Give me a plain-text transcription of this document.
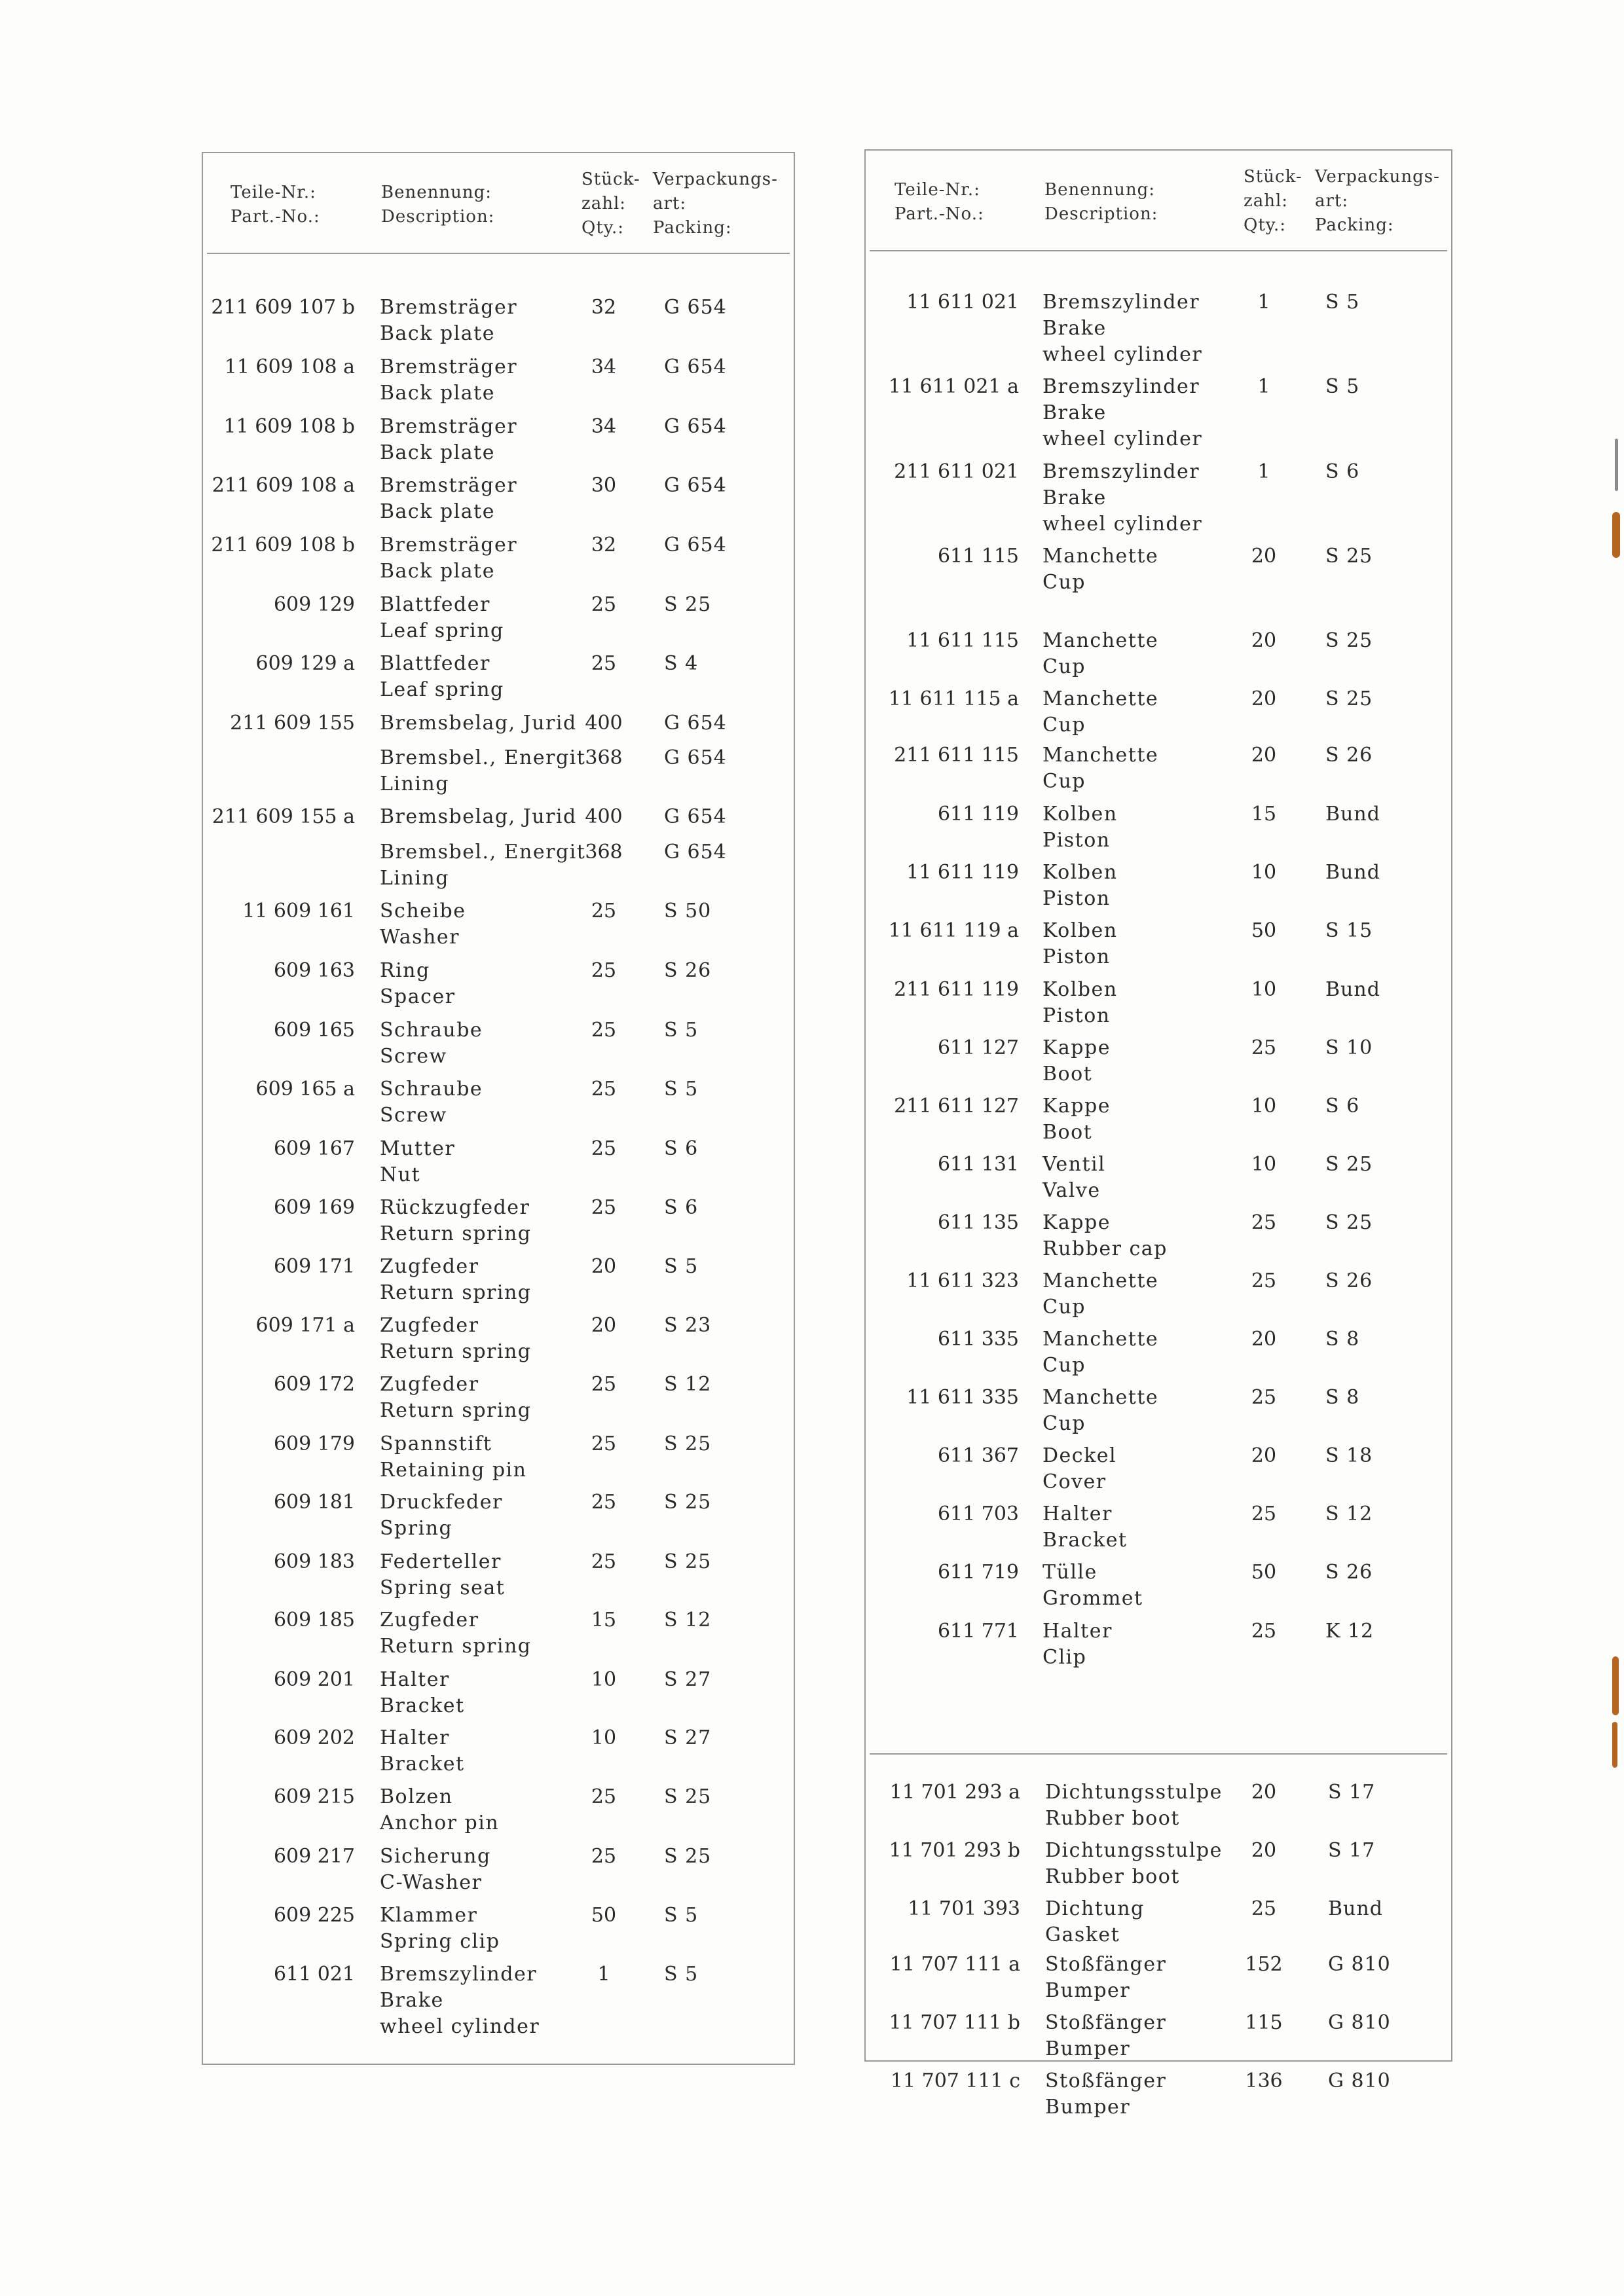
Teile-Nr.:
Part.-No.:
Benennung:
Description:
Stück-
zahl:
Qty.:
Verpackungs-
art:
Packing:
211 609 107 b Bremsträger
Back plate
32	G 654
11 609 108 a Bremsträger
Back plate
34	G 654
11 609 108 b Bremsträger
Back plate
34	G 654
211 609 108 a Bremsträger
Back plate
30	G 654
211 609 108 b Bremsträger
Back plate
32	G 654
609 129 Blattfeder
Leaf spring
25	S 25
609 129 a Blattfeder
Leaf spring
25	S 4
211 609 155 Bremsbelag, Jurid
400	G 654
Bremsbel., Energit
Lining
368	G 654
211 609 155 a Bremsbelag, Jurid
400	G 654
Bremsbel., Energit
Lining
368	G 654
11 609 161 Scheibe
Washer
25	S 50
609 163 Ring
Spacer
25	S 26
609 165 Schraube
Screw
25	S 5
609 165 a Schraube
Screw
25	S 5
609 167 Mutter
Nut
25	S 6
609 169 Rückzugfeder
Return spring
25	S 6
609 171 Zugfeder
Return spring
20	S 5
609 171 a Zugfeder
Return spring
20	S 23
609 172 Zugfeder
Return spring
25	S 12
609 179 Spannstift
Retaining pin
25	S 25
609 181 Druckfeder
Spring
25	S 25
609 183 Federteller
Spring seat
25	S 25
609 185 Zugfeder
Return spring
15	S 12
609 201 Halter
Bracket
10	S 27
609 202 Halter
Bracket
10	S 27
609 215 Bolzen
Anchor pin
25	S 25
609 217 Sicherung
C-Washer
25	S 25
609 225 Klammer
Spring clip
50	S 5
611 021 Bremszylinder
Brake
wheel cylinder
1	S 5
Teile-Nr.:
Part.-No.:
Benennung:
Description:
Stück-
zahl:
Qty.:
Verpackungs-
art:
Packing:
11 611 021 Bremszylinder
Brake
wheel cylinder
1	S 5
11 611 021 a Bremszylinder
Brake
wheel cylinder
1	S 5
211 611 021 Bremszylinder
Brake
wheel cylinder
1	S 6
611 115 Manchette
Cup
20	S 25
11 611 115 Manchette
Cup
20	S 25
11 611 115 a Manchette
Cup
20	S 25
211 611 115 Manchette
Cup
20	S 26
611 119 Kolben
Piston
15	Bund
11 611 119 Kolben
Piston
10	Bund
11 611 119 a Kolben
Piston
50	S 15
211 611 119 Kolben
Piston
10	Bund
611 127 Kappe
Boot
25	S 10
211 611 127 Kappe
Boot
10	S 6
611 131 Ventil
Valve
10	S 25
611 135 Kappe
Rubber cap
25	S 25
11 611 323 Manchette
Cup
25	S 26
611 335 Manchette
Cup
20	S 8
11 611 335 Manchette
Cup
25	S 8
611 367 Deckel
Cover
20	S 18
611 703 Halter
Bracket
25	S 12
611 719 Tülle
Grommet
50	S 26
611 771 Halter
Clip
25	K 12
11 701 293 a Dichtungsstulpe
Rubber boot
20	S 17
11 701 293 b Dichtungsstulpe
Rubber boot
20	S 17
11 701 393 Dichtung
Gasket
25	Bund
11 707 111 a Stoßfänger
Bumper
152	G 810
11 707 111 b Stoßfänger
Bumper
115	G 810
11 707 111 c Stoßfänger
Bumper
136	G 810
